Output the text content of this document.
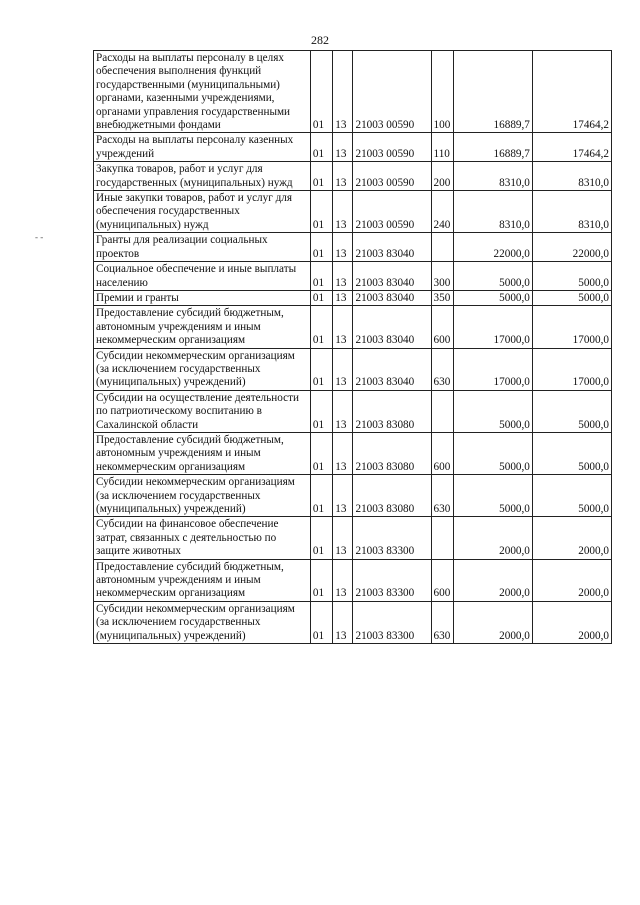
282
- -
Расходы на выплаты персоналу в целях обеспечения выполнения функций государственными (муниципальными) органами, казенными учреждениями, органами управления государственными внебюджетными фондами	01	13	21003 00590	100	16889,7	17464,2
Расходы на выплаты персоналу казенных учреждений	01	13	21003 00590	110	16889,7	17464,2
Закупка товаров, работ и услуг для государственных (муниципальных) нужд	01	13	21003 00590	200	8310,0	8310,0
Иные закупки товаров, работ и услуг для обеспечения государственных (муниципальных) нужд	01	13	21003 00590	240	8310,0	8310,0
Гранты для реализации социальных проектов	01	13	21003 83040		22000,0	22000,0
Социальное обеспечение и иные выплаты населению	01	13	21003 83040	300	5000,0	5000,0
Премии и гранты	01	13	21003 83040	350	5000,0	5000,0
Предоставление субсидий бюджетным, автономным учреждениям и иным некоммерческим организациям	01	13	21003 83040	600	17000,0	17000,0
Субсидии некоммерческим организациям (за исключением государственных (муниципальных) учреждений)	01	13	21003 83040	630	17000,0	17000,0
Субсидии на осуществление деятельности по патриотическому воспитанию в Сахалинской области	01	13	21003 83080		5000,0	5000,0
Предоставление субсидий бюджетным, автономным учреждениям и иным некоммерческим организациям	01	13	21003 83080	600	5000,0	5000,0
Субсидии некоммерческим организациям (за исключением государственных (муниципальных) учреждений)	01	13	21003 83080	630	5000,0	5000,0
Субсидии на финансовое обеспечение затрат, связанных с деятельностью по защите животных	01	13	21003 83300		2000,0	2000,0
Предоставление субсидий бюджетным, автономным учреждениям и иным некоммерческим организациям	01	13	21003 83300	600	2000,0	2000,0
Субсидии некоммерческим организациям (за исключением государственных (муниципальных) учреждений)	01	13	21003 83300	630	2000,0	2000,0
